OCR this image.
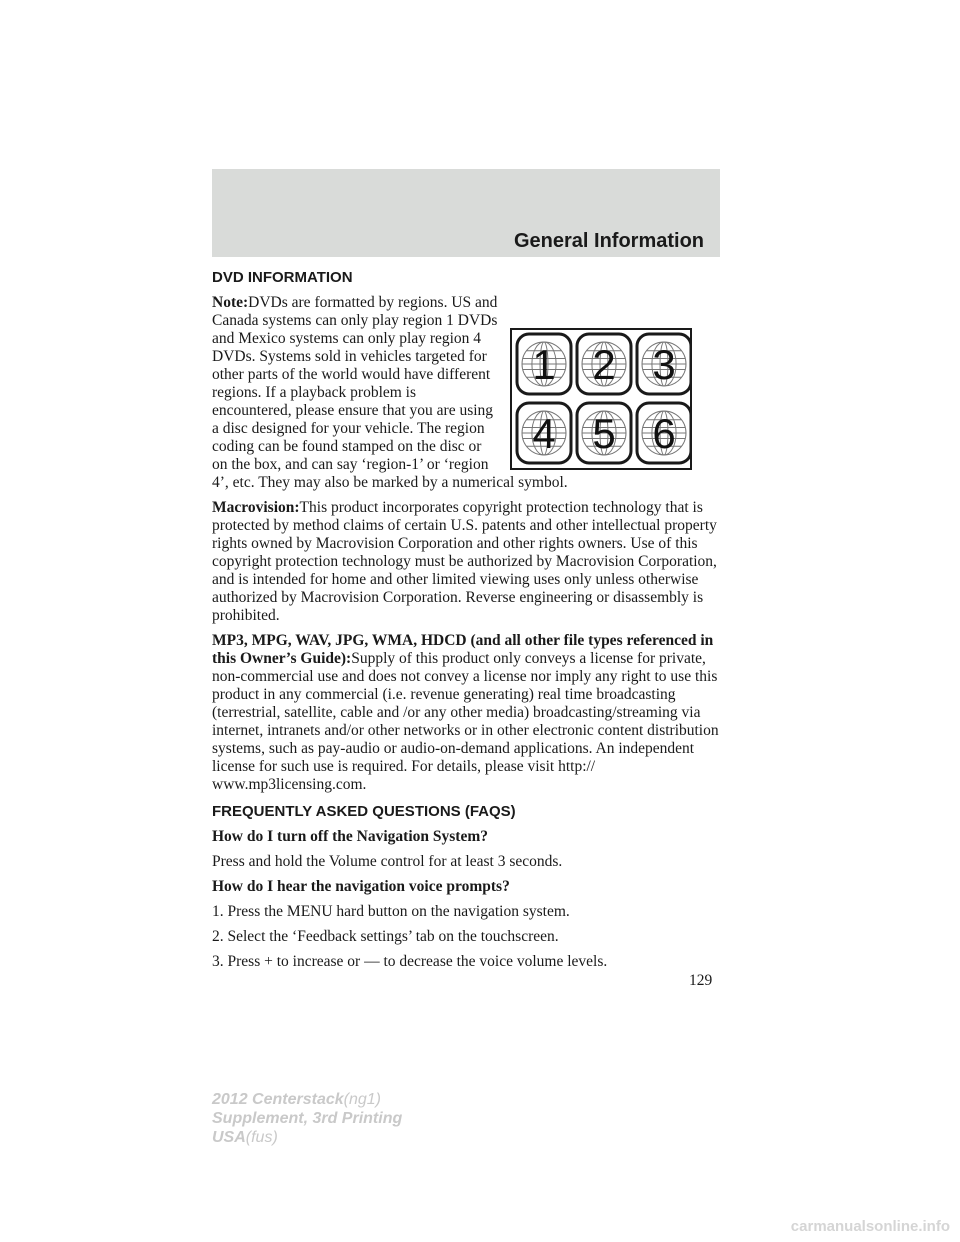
General Information
DVD INFORMATION
1 2 3
4 5 6

Note:DVDs are formatted by regions. US and Canada systems can only play region 1 DVDs and Mexico systems can only play region 4 DVDs. Systems sold in vehicles targeted for other parts of the world would have different regions. If a playback problem is encountered, please ensure that you are using a disc designed for your vehicle. The region coding can be found stamped on the disc or on the box, and can say ‘region-1’ or ‘region 4’, etc. They may also be marked by a numerical symbol.

Macrovision:This product incorporates copyright protection technology that is protected by method claims of certain U.S. patents and other intellectual property rights owned by Macrovision Corporation and other rights owners. Use of this copyright protection technology must be authorized by Macrovision Corporation, and is intended for home and other limited viewing uses only unless otherwise authorized by Macrovision Corporation. Reverse engineering or disassembly is prohibited.

MP3, MPG, WAV, JPG, WMA, HDCD (and all other file types referenced in this Owner’s Guide):Supply of this product only conveys a license for private, non-commercial use and does not convey a license nor imply any right to use this product in any commercial (i.e. revenue generating) real time broadcasting (terrestrial, satellite, cable and /or any other media) broadcasting/streaming via internet, intranets and/or other networks or in other electronic content distribution systems, such as pay-audio or audio-on-demand applications. An independent license for such use is required. For details, please visit http:// www.mp3licensing.com.

FREQUENTLY ASKED QUESTIONS (FAQS)

How do I turn off the Navigation System?

Press and hold the Volume control for at least 3 seconds.

How do I hear the navigation voice prompts?

1. Press the MENU hard button on the navigation system.

2. Select the ‘Feedback settings’ tab on the touchscreen.

3. Press + to increase or — to decrease the voice volume levels.

129
2012 Centerstack(ng1)
Supplement, 3rd Printing
USA(fus)
carmanualsonline.info
